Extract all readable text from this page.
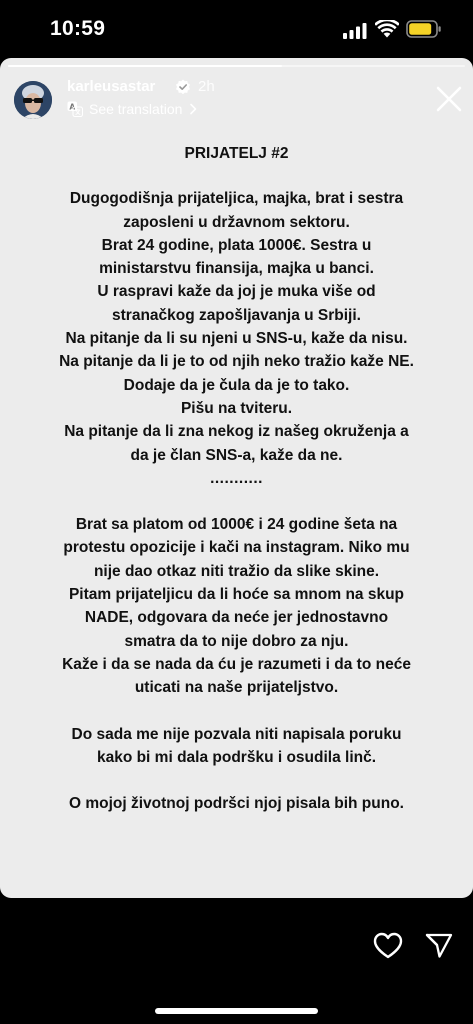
10:59
karleusastar	2h
A See translation
PRIJATELJ #2
Dugogodišnja prijateljica, majka, brat i sestra
zaposleni u državnom sektoru.
Brat 24 godine, plata 1000€. Sestra u
ministarstvu finansija, majka u banci.
U raspravi kaže da joj je muka više od
stranačkog zapošljavanja u Srbiji.
Na pitanje da li su njeni u SNS-u, kaže da nisu.
Na pitanje da li je to od njih neko tražio kaže NE.
Dodaje da je čula da je to tako.
Pišu na tviteru.
Na pitanje da li zna nekog iz našeg okruženja a
da je član SNS-a, kaže da ne.
...........
Brat sa platom od 1000€ i 24 godine šeta na
protestu opozicije i kači na instagram. Niko mu
nije dao otkaz niti tražio da slike skine.
Pitam prijateljicu da li hoće sa mnom na skup
NADE, odgovara da neće jer jednostavno
smatra da to nije dobro za nju.
Kaže i da se nada da ću je razumeti i da to neće
uticati na naše prijateljstvo.
Do sada me nije pozvala niti napisala poruku
kako bi mi dala podršku i osudila linč.
O mojoj životnoj podršci njoj pisala bih puno.
